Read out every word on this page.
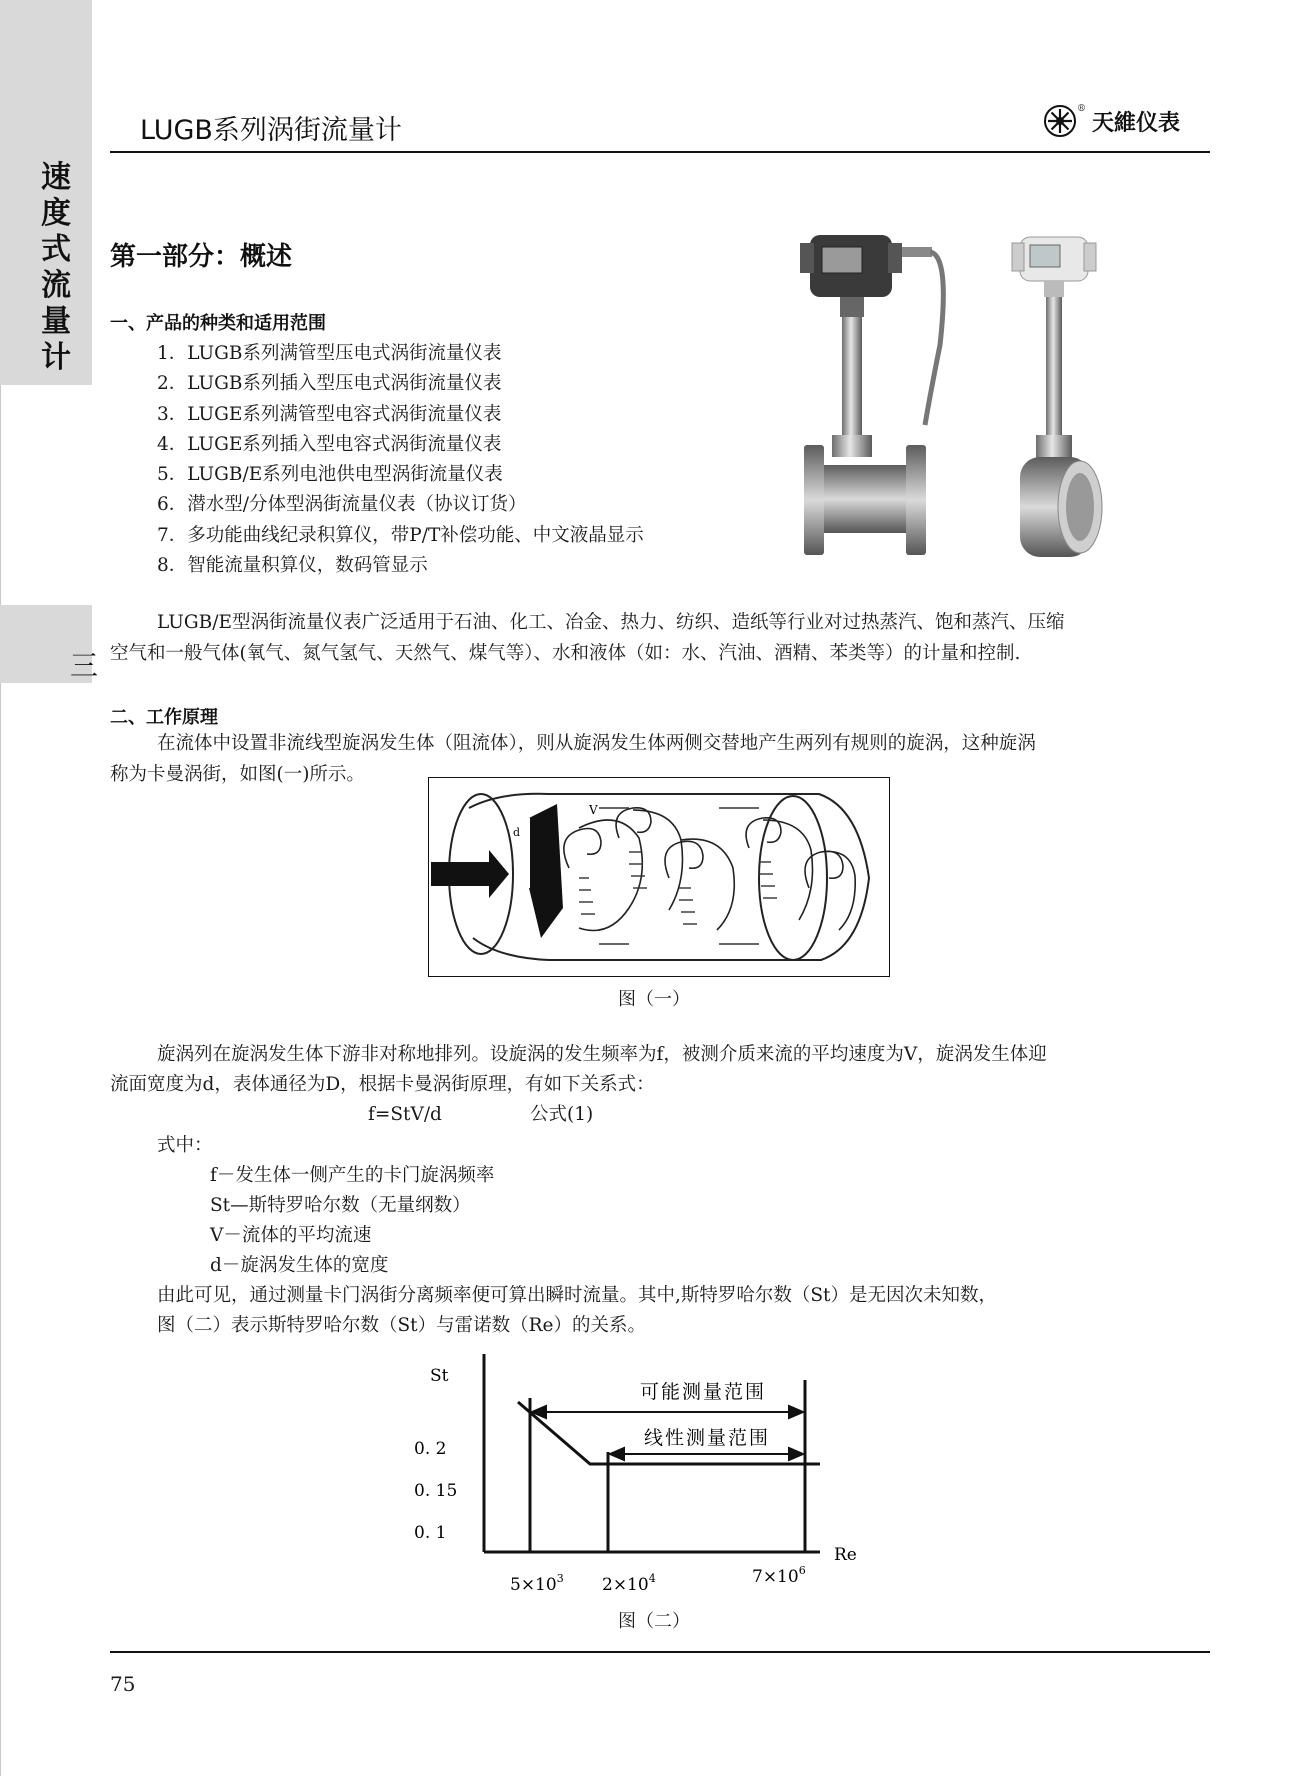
速
度
式
流
量
计
三
LUGB系列涡街流量计
®
天維仪表
第一部分：概述
一、产品的种类和适用范围
1．LUGB系列满管型压电式涡街流量仪表
2．LUGB系列插入型压电式涡街流量仪表
3．LUGE系列满管型电容式涡街流量仪表
4．LUGE系列插入型电容式涡街流量仪表
5．LUGB/E系列电池供电型涡街流量仪表
6．潜水型/分体型涡街流量仪表（协议订货）
7．多功能曲线纪录积算仪，带P/T补偿功能、中文液晶显示
8．智能流量积算仪，数码管显示
LUGB/E型涡街流量仪表广泛适用于石油、化工、冶金、热力、纺织、造纸等行业对过热蒸汽、饱和蒸汽、压缩
空气和一般气体(氧气、氮气氢气、天然气、煤气等）、水和液体（如：水、汽油、酒精、苯类等）的计量和控制.
二、工作原理
在流体中设置非流线型旋涡发生体（阻流体），则从旋涡发生体两侧交替地产生两列有规则的旋涡，这种旋涡
称为卡曼涡街，如图(一)所示。
V
d
图（一）
旋涡列在旋涡发生体下游非对称地排列。设旋涡的发生频率为f，被测介质来流的平均速度为V，旋涡发生体迎
流面宽度为d，表体通径为D，根据卡曼涡街原理，有如下关系式：
f=StV/d	公式(1)
式中：
f－发生体一侧产生的卡门旋涡频率
St—斯特罗哈尔数（无量纲数）
V－流体的平均流速
d－旋涡发生体的宽度
由此可见，通过测量卡门涡街分离频率便可算出瞬时流量。其中,斯特罗哈尔数（St）是无因次未知数，
图（二）表示斯特罗哈尔数（St）与雷诺数（Re）的关系。
St
Re
0. 2
0. 15
0. 1
$5\times 10^3$ $2\times 10^4$	$7\times 10^6$
可能测量范围
线性测量范围
图（二）
75
